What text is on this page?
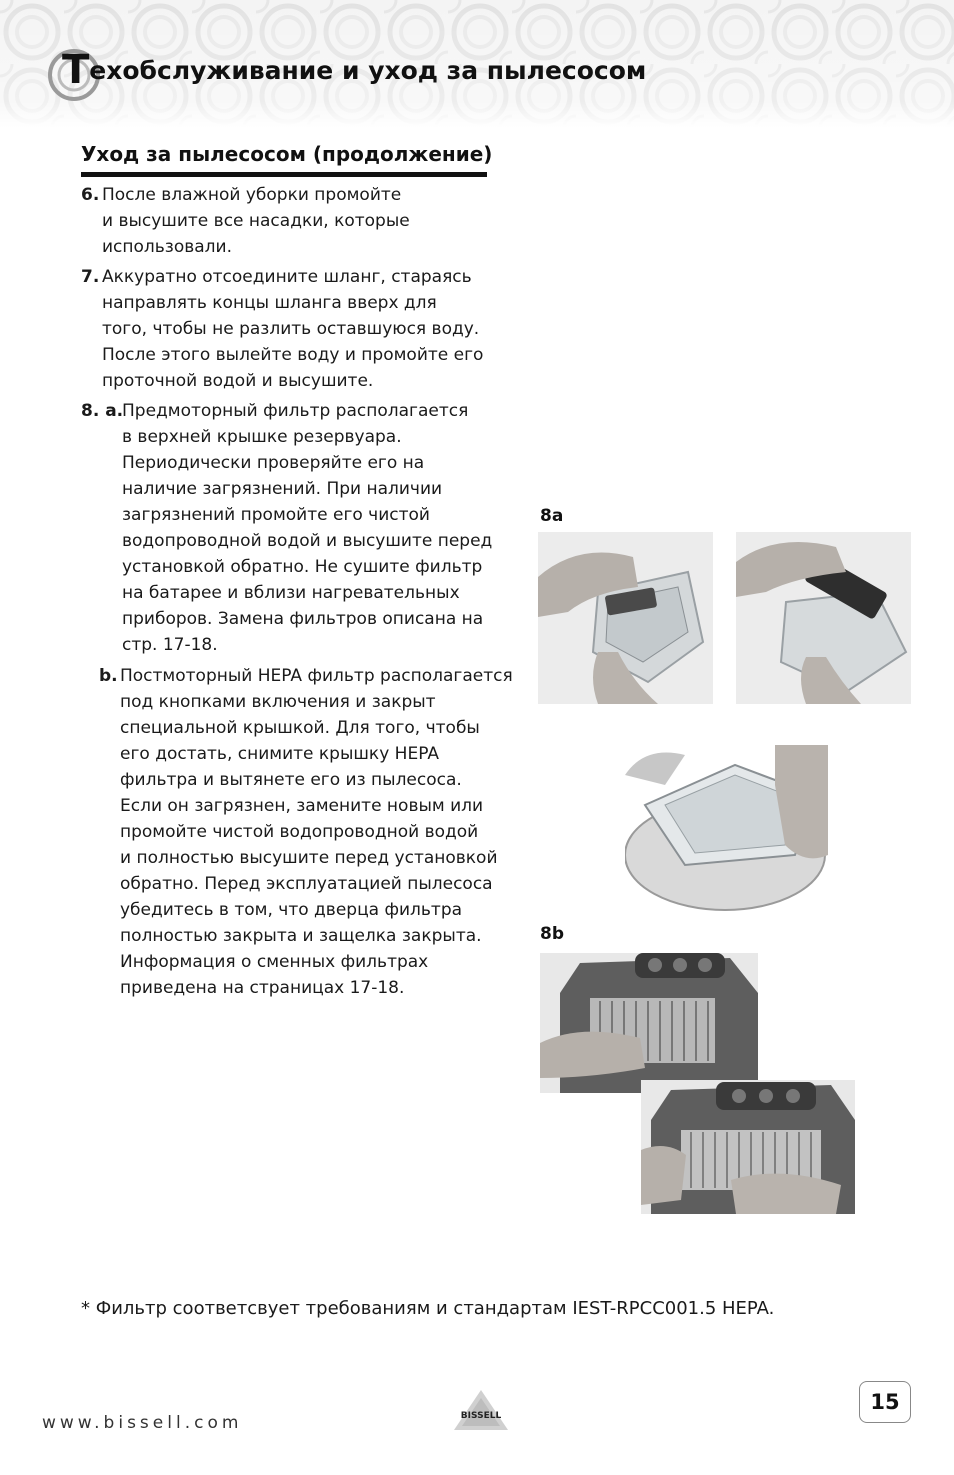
Техобслуживание и уход за пылесосом
Уход за пылесосом (продолжение)
6. После влажной уборки промойте
и высушите все насадки, которые
использовали.
7. Аккуратно отсоедините шланг, стараясь
направлять концы шланга вверх для
того, чтобы не разлить оставшуюся воду.
После этого вылейте воду и промойте его
проточной водой и высушите.
8. a.
Предмоторный фильтр располагается
в верхней крышке резервуара.
Периодически проверяйте его на
наличие загрязнений. При наличии
загрязнений промойте его чистой
водопроводной водой и высушите перед
установкой обратно. Не сушите фильтр
на батарее и вблизи нагревательных
приборов. Замена фильтров описана на
стр. 17-18.
b. Постмоторный HEPA фильтр располагается
под кнопками включения и закрыт
специальной крышкой. Для того, чтобы
его достать, снимите крышку HEPA
фильтра и вытянете его из пылесоса.
Если он загрязнен, замените новым или
промойте чистой водопроводной водой
и полностью высушите перед установкой
обратно. Перед эксплуатацией пылесоса
убедитесь в том, что дверца фильтра
полностью закрыта и защелка закрыта.
Информация о сменных фильтрах
приведена на страницах 17-18.
8a
8b
* Фильтр соответсвует требованиям и стандартам IEST-RPCC001.5 HEPA.
www.bissell.com	BISSELL
15
